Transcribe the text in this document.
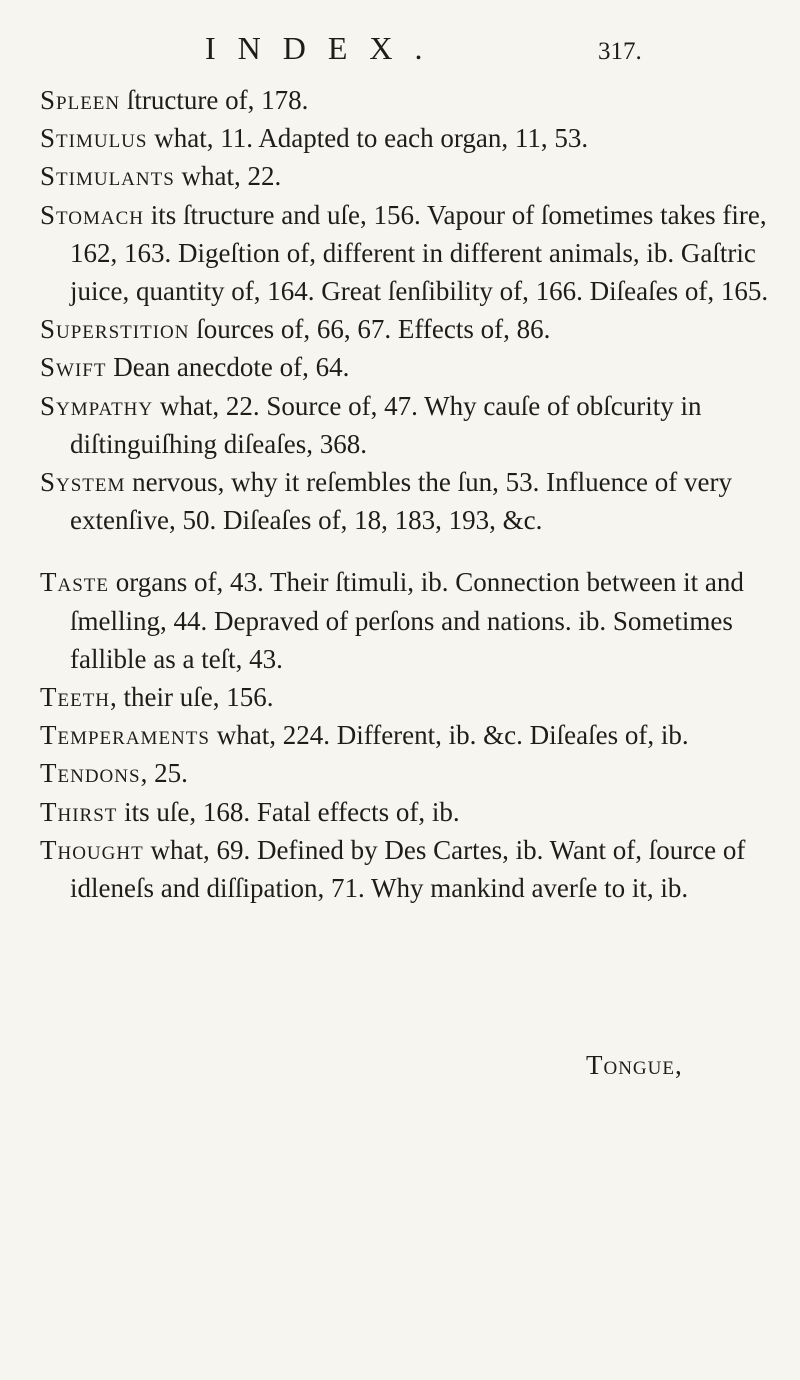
INDEX.	317.

Spleen ſtructure of, 178.

Stimulus what, 11. Adapted to each organ, 11, 53.

Stimulants what, 22.

Stomach its ſtructure and uſe, 156. Vapour of ſometimes takes fire, 162, 163. Digeſtion of, different in different animals, ib. Gaſtric juice, quantity of, 164. Great ſenſibility of, 166. Diſeaſes of, 165.

Superstition ſources of, 66, 67. Effects of, 86.

Swift Dean anecdote of, 64.

Sympathy what, 22. Source of, 47. Why cauſe of obſcurity in diſtinguiſhing diſeaſes, 368.

System nervous, why it reſembles the ſun, 53. Influence of very extenſive, 50. Diſeaſes of, 18, 183, 193, &c.

Taste organs of, 43. Their ſtimuli, ib. Connection between it and ſmelling, 44. Depraved of perſons and nations. ib. Sometimes fallible as a teſt, 43.

Teeth, their uſe, 156.

Temperaments what, 224. Different, ib. &c. Diſeaſes of, ib.

Tendons, 25.

Thirst its uſe, 168. Fatal effects of, ib.

Thought what, 69. Defined by Des Cartes, ib. Want of, ſource of idleneſs and diſſipation, 71. Why mankind averſe to it, ib.

Tongue,
